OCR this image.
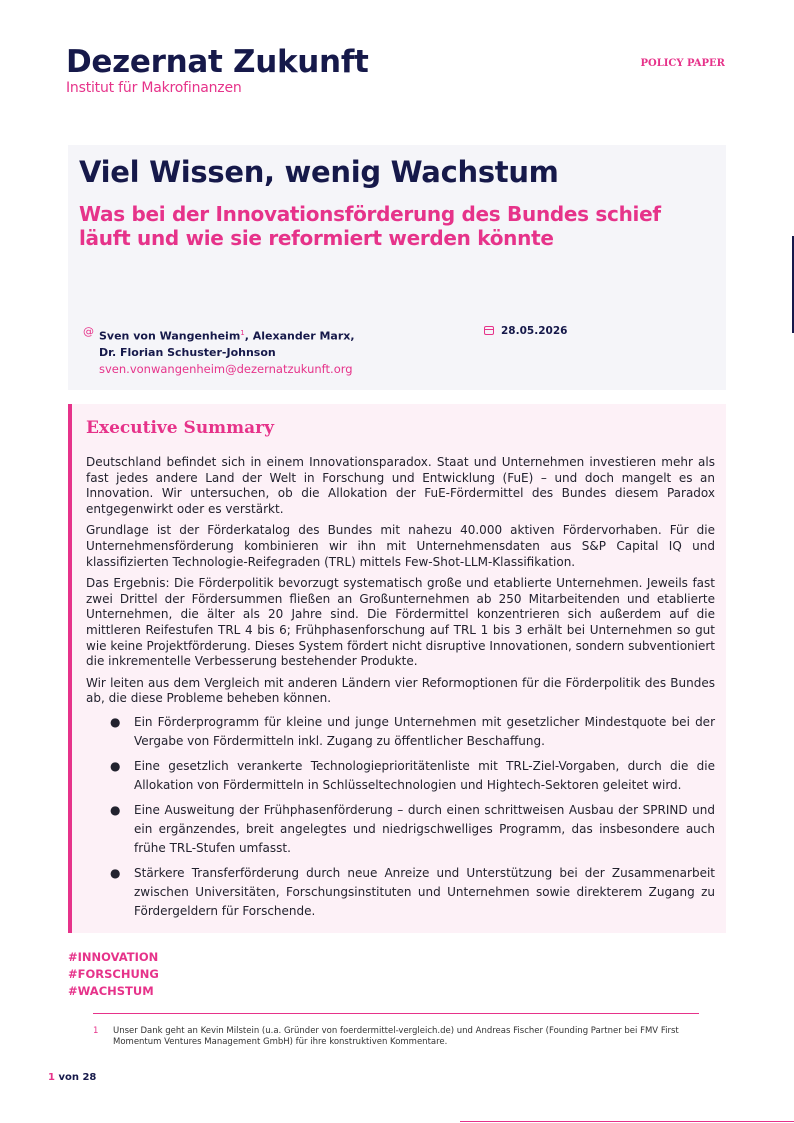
Dezernat Zukunft
Institut für Makrofinanzen
POLICY PAPER
Viel Wissen, wenig Wachstum
Was bei der Innovationsförderung des Bundes schief läuft und wie sie reformiert werden könnte
@ Sven von Wangenheim$^1$, Alexander Marx,
Dr. Florian Schuster-Johnson
sven.vonwangenheim@dezernatzukunft.org
28.05.2026
Executive Summary

Deutschland befindet sich in einem Innovationsparadox. Staat und Unternehmen investieren mehr als fast jedes andere Land der Welt in Forschung und Entwicklung (FuE) – und doch mangelt es an Innovation. Wir untersuchen, ob die Allokation der FuE-Fördermittel des Bundes diesem Paradox entgegenwirkt oder es verstärkt.

Grundlage ist der Förderkatalog des Bundes mit nahezu 40.000 aktiven Fördervorhaben. Für die Unternehmensförderung kombinieren wir ihn mit Unternehmensdaten aus S&P Capital IQ und klassifizierten Technologie-Reifegraden (TRL) mittels Few-Shot-LLM-Klassifikation.

Das Ergebnis: Die Förderpolitik bevorzugt systematisch große und etablierte Unternehmen. Jeweils fast zwei Drittel der Fördersummen fließen an Großunternehmen ab 250 Mitarbeitenden und etablierte Unternehmen, die älter als 20 Jahre sind. Die Fördermittel konzentrieren sich außerdem auf die mittleren Reifestufen TRL 4 bis 6; Frühphasenforschung auf TRL 1 bis 3 erhält bei Unternehmen so gut wie keine Projektförderung. Dieses System fördert nicht disruptive Innovationen, sondern subventioniert die inkrementelle Verbesserung bestehender Produkte.

Wir leiten aus dem Vergleich mit anderen Ländern vier Reformoptionen für die Förderpolitik des Bundes ab, die diese Probleme beheben können.

● Ein Förderprogramm für kleine und junge Unternehmen mit gesetzlicher Mindestquote bei der Vergabe von Fördermitteln inkl. Zugang zu öffentlicher Beschaffung.
● Eine gesetzlich verankerte Technologieprioritätenliste mit TRL-Ziel-Vorgaben, durch die die Allokation von Fördermitteln in Schlüsseltechnologien und Hightech-Sektoren geleitet wird.
● Eine Ausweitung der Frühphasenförderung – durch einen schrittweisen Ausbau der SPRIND und ein ergänzendes, breit angelegtes und niedrigschwelliges Programm, das insbesondere auch frühe TRL-Stufen umfasst.
● Stärkere Transferförderung durch neue Anreize und Unterstützung bei der Zusammenarbeit zwischen Universitäten, Forschungsinstituten und Unternehmen sowie direkterem Zugang zu Fördergeldern für Forschende.
#INNOVATION
#FORSCHUNG
#WACHSTUM
1 Unser Dank geht an Kevin Milstein (u.a. Gründer von foerdermittel-vergleich.de) und Andreas Fischer (Founding Partner bei FMV First Momentum Ventures Management GmbH) für ihre konstruktiven Kommentare.
1 von 28
